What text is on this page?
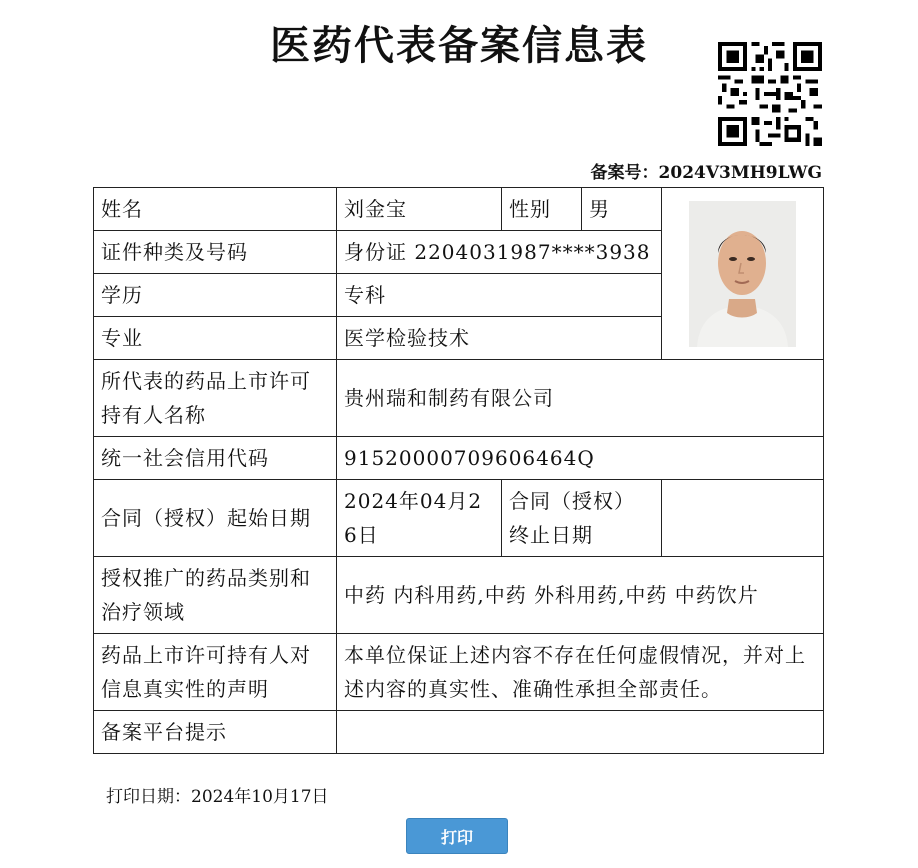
医药代表备案信息表
备案号：2024V3MH9LWG
姓名	刘金宝	性别	男	

证件种类及号码	身份证 2204031987****3938			
学历	专科			
专业	医学检验技术			
所代表的药品上市许可持有人名称	贵州瑞和制药有限公司			
统一社会信用代码	91520000709606464Q			
合同（授权）起始日期	2024年04月26日	合同（授权）终止日期		
授权推广的药品类别和治疗领域	中药 内科用药,中药 外科用药,中药 中药饮片			
药品上市许可持有人对信息真实性的声明	本单位保证上述内容不存在任何虚假情况，并对上述内容的真实性、准确性承担全部责任。			
备案平台提示				
打印日期：2024年10月17日
打印
